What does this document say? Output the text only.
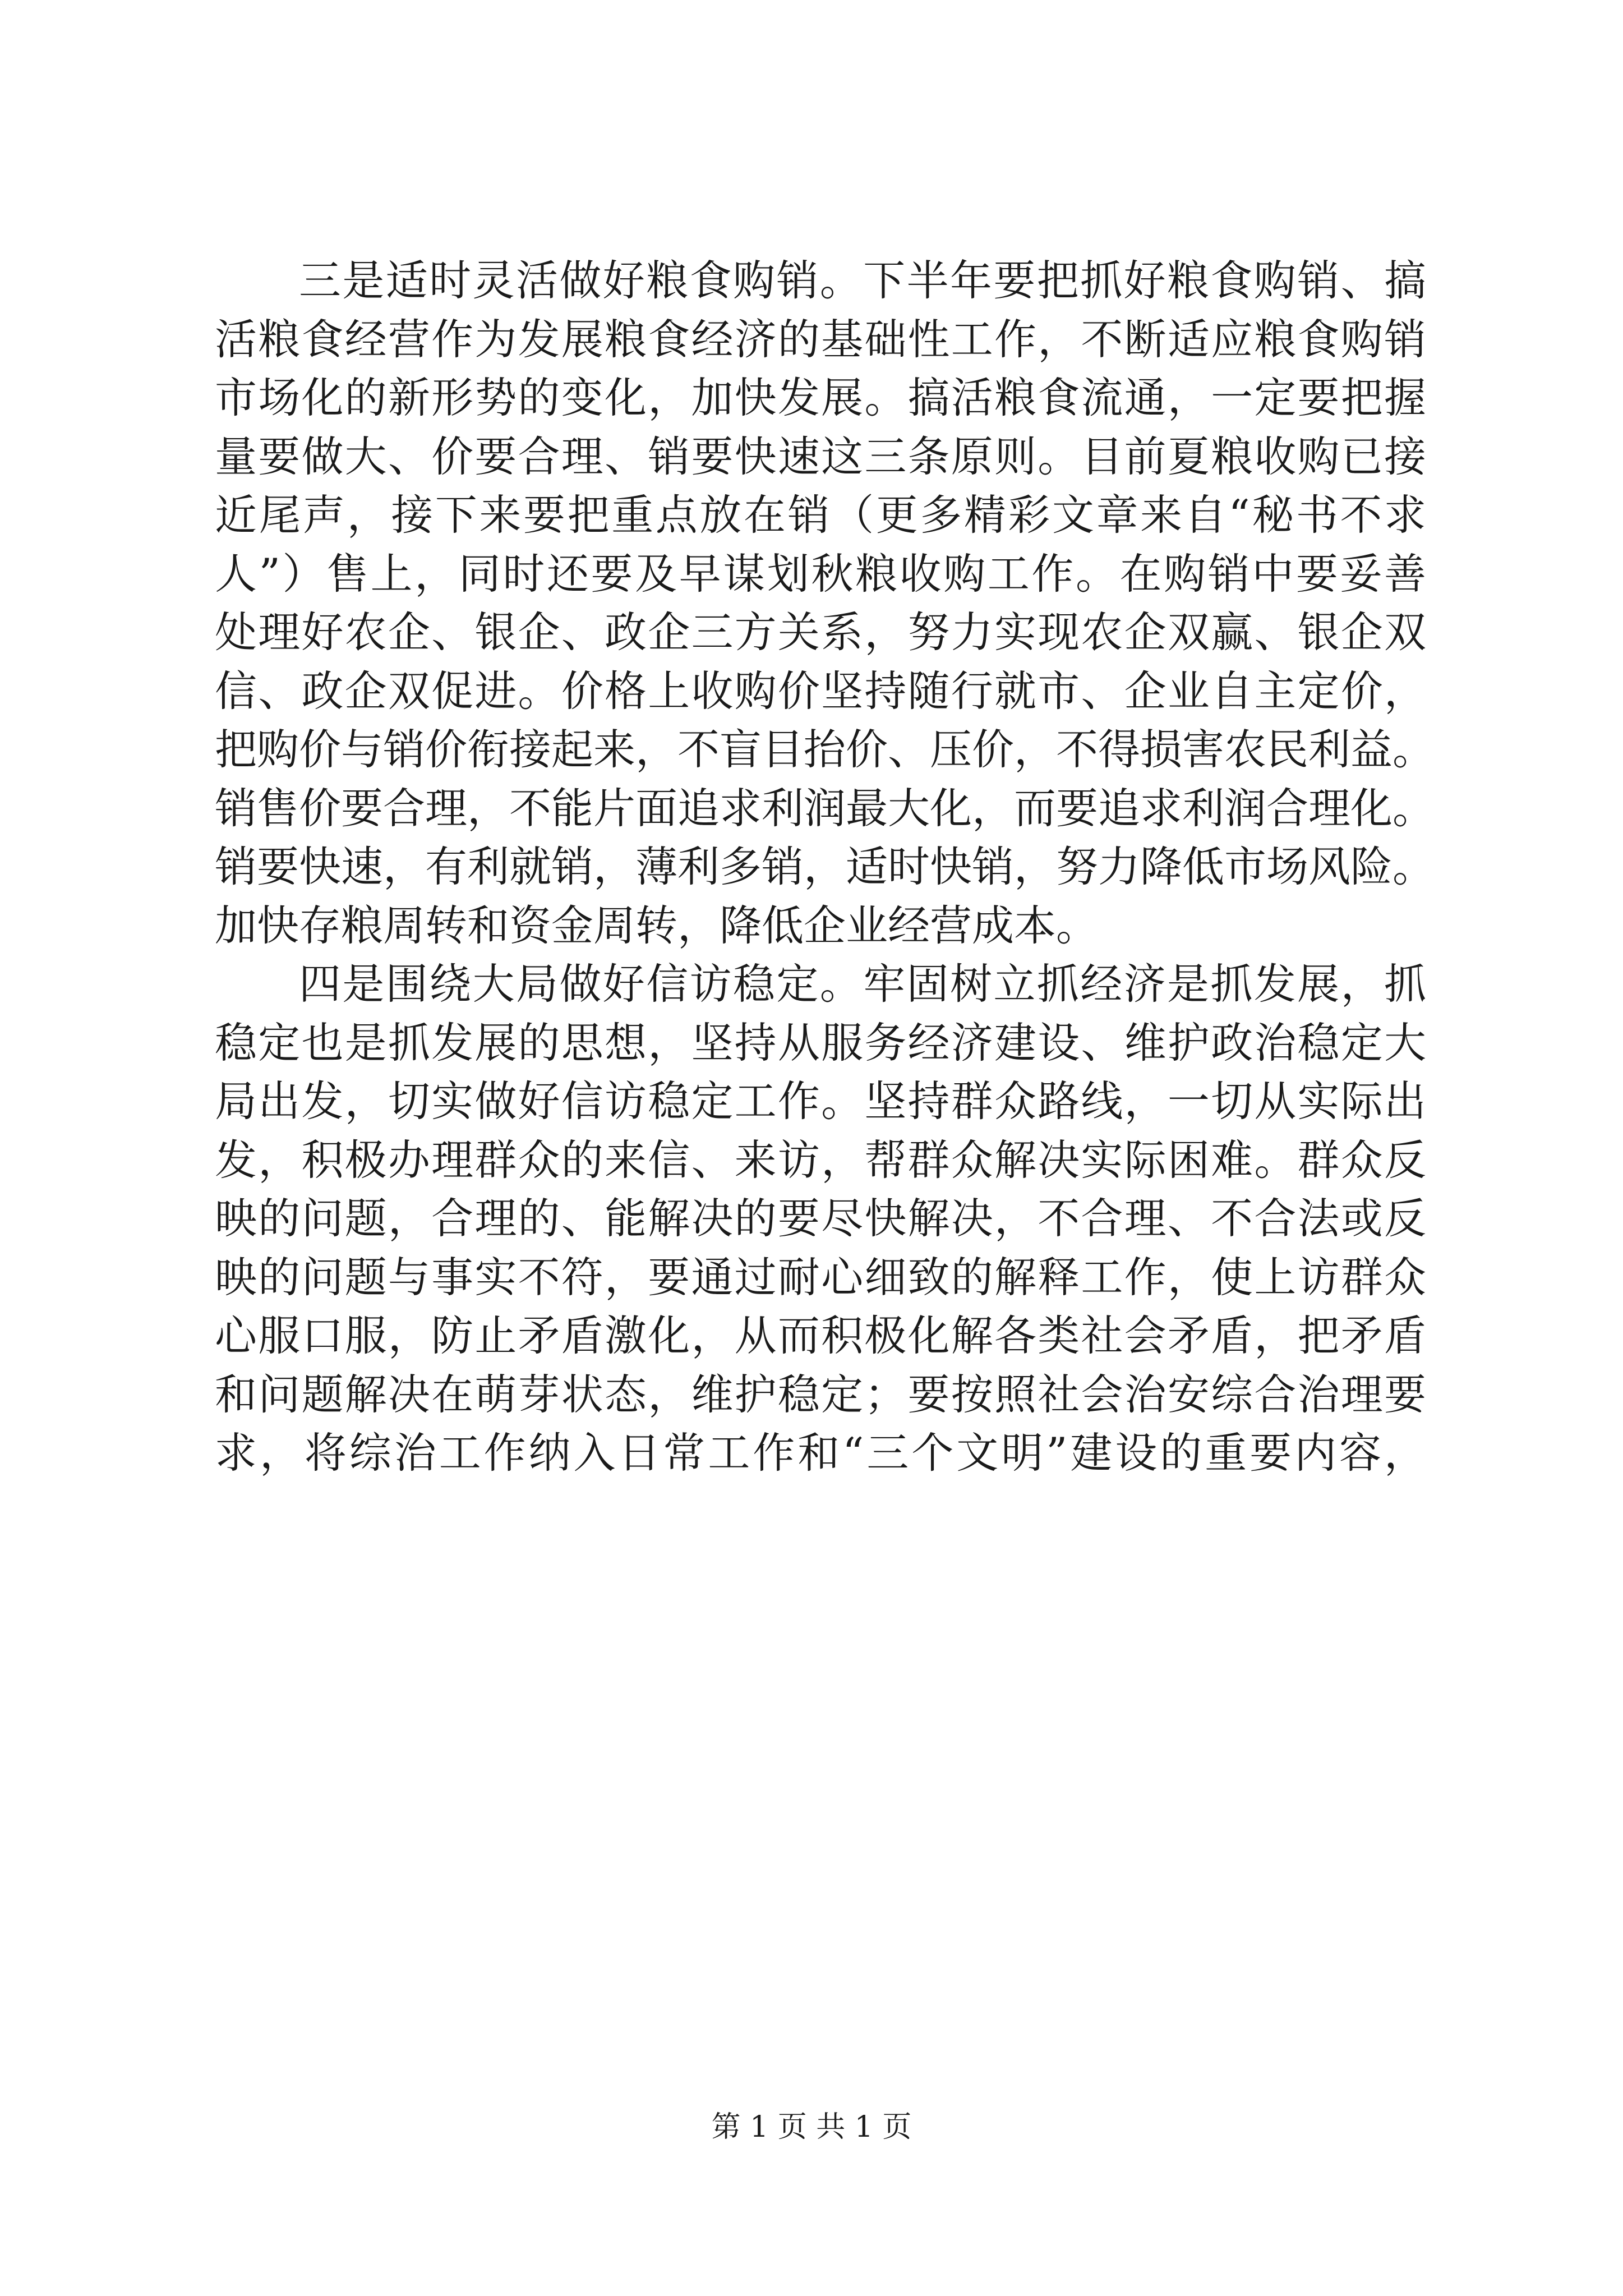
三是适时灵活做好粮食购销。下半年要把抓好粮食购销、搞
活粮食经营作为发展粮食经济的基础性工作，不断适应粮食购销
市场化的新形势的变化，加快发展。搞活粮食流通，一定要把握
量要做大、价要合理、销要快速这三条原则。目前夏粮收购已接
近尾声，接下来要把重点放在销（更多精彩文章来自“秘书不求
人”）售上，同时还要及早谋划秋粮收购工作。在购销中要妥善
处理好农企、银企、政企三方关系，努力实现农企双赢、银企双
信、政企双促进。价格上收购价坚持随行就市、企业自主定价，
把购价与销价衔接起来，不盲目抬价、压价，不得损害农民利益。
销售价要合理，不能片面追求利润最大化，而要追求利润合理化。
销要快速，有利就销，薄利多销，适时快销，努力降低市场风险。
加快存粮周转和资金周转，降低企业经营成本。
四是围绕大局做好信访稳定。牢固树立抓经济是抓发展，抓
稳定也是抓发展的思想，坚持从服务经济建设、维护政治稳定大
局出发，切实做好信访稳定工作。坚持群众路线，一切从实际出
发，积极办理群众的来信、来访，帮群众解决实际困难。群众反
映的问题，合理的、能解决的要尽快解决，不合理、不合法或反
映的问题与事实不符，要通过耐心细致的解释工作，使上访群众
心服口服，防止矛盾激化，从而积极化解各类社会矛盾，把矛盾
和问题解决在萌芽状态，维护稳定；要按照社会治安综合治理要
求，将综治工作纳入日常工作和“三个文明”建设的重要内容，
第 1 页 共 1 页
